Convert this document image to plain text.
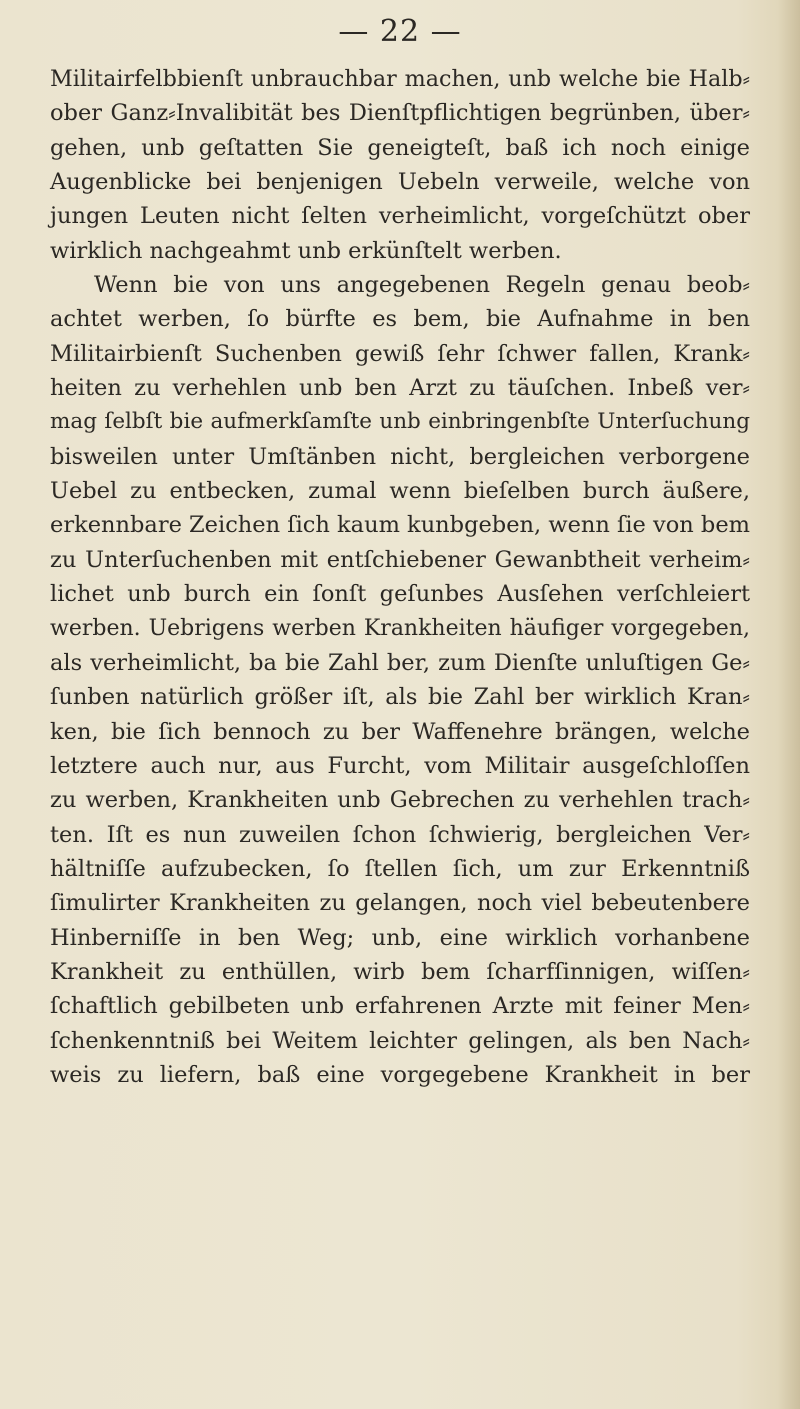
— 22 —
Militairfelbbienſt unbrauchbar machen, unb welche bie Halb⸗
ober Ganz⸗Invalibität bes Dienſtpflichtigen begrünben, über⸗
gehen, unb geſtatten Sie geneigteſt, baß ich noch einige
Augenblicke bei benjenigen Uebeln verweile, welche von
jungen Leuten nicht ſelten verheimlicht, vorgeſchützt ober
wirklich nachgeahmt unb erkünſtelt werben.
Wenn bie von uns angegebenen Regeln genau beob⸗
achtet werben, ſo bürfte es bem, bie Aufnahme in ben
Militairbienſt Suchenben gewiß ſehr ſchwer fallen, Krank⸗
heiten zu verhehlen unb ben Arzt zu täuſchen. Inbeß ver⸗
mag ſelbſt bie aufmerkſamſte unb einbringenbſte Unterſuchung
bisweilen unter Umſtänben nicht, bergleichen verborgene
Uebel zu entbecken, zumal wenn bieſelben burch äußere,
erkennbare Zeichen ſich kaum kunbgeben, wenn ſie von bem
zu Unterſuchenben mit entſchiebener Gewanbtheit verheim⸗
lichet unb burch ein ſonſt geſunbes Ausſehen verſchleiert
werben. Uebrigens werben Krankheiten häufiger vorgegeben,
als verheimlicht, ba bie Zahl ber, zum Dienſte unluſtigen Ge⸗
ſunben natürlich größer iſt, als bie Zahl ber wirklich Kran⸗
ken, bie ſich bennoch zu ber Waffenehre brängen, welche
letztere auch nur, aus Furcht, vom Militair ausgeſchloſſen
zu werben, Krankheiten unb Gebrechen zu verhehlen trach⸗
ten. Iſt es nun zuweilen ſchon ſchwierig, bergleichen Ver⸗
hältniſſe aufzubecken, ſo ſtellen ſich, um zur Erkenntniß
ſimulirter Krankheiten zu gelangen, noch viel bebeutenbere
Hinberniſſe in ben Weg; unb, eine wirklich vorhanbene
Krankheit zu enthüllen, wirb bem ſcharfſinnigen, wiſſen⸗
ſchaftlich gebilbeten unb erfahrenen Arzte mit feiner Men⸗
ſchenkenntniß bei Weitem leichter gelingen, als ben Nach⸗
weis zu liefern, baß eine vorgegebene Krankheit in ber
